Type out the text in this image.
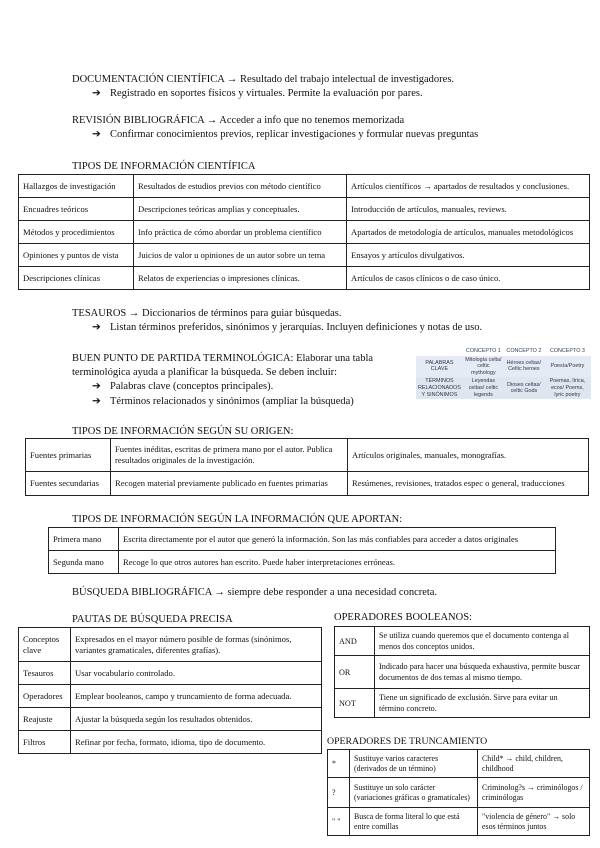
DOCUMENTACIÓN CIENTÍFICA → Resultado del trabajo intelectual de investigadores.
➔ Registrado en soportes físicos y virtuales. Permite la evaluación por pares.
REVISIÓN BIBLIOGRÁFICA → Acceder a info que no tenemos memorizada
➔ Confirmar conocimientos previos, replicar investigaciones y formular nuevas preguntas
TIPOS DE INFORMACIÓN CIENTÍFICA
Hallazgos de investigación	Resultados de estudios previos con método científico	Artículos científicos → apartados de resultados y conclusiones.
Encuadres teóricos	Descripciones teóricas amplias y conceptuales.	Introducción de artículos, manuales, reviews.
Métodos y procedimientos	Info práctica de cómo abordar un problema científico	Apartados de metodología de artículos, manuales metodológicos
Opiniones y puntos de vista	Juicios de valor u opiniones de un autor sobre un tema	Ensayos y artículos divulgativos.
Descripciones clínicas	Relatos de experiencias o impresiones clínicas.	Artículos de casos clínicos o de caso único.
TESAUROS → Diccionarios de términos para guiar búsquedas.
➔ Listan términos preferidos, sinónimos y jerarquías. Incluyen definiciones y notas de uso.
BUEN PUNTO DE PARTIDA TERMINOLÓGICA: Elaborar una tabla
terminológica ayuda a planificar la búsqueda. Se deben incluir:
➔ Palabras clave (conceptos principales).
➔ Términos relacionados y sinónimos (ampliar la búsqueda)
	CONCEPTO 1	CONCEPTO 2	CONCEPTO 3
PALABRAS CLAVE	Mitología celta/ celtic mythology	Héroes celtas/ Celtic heroes	Poesía/Poetry
TÉRMINOS RELACIONADOS Y SINÓNIMOS	Leyendas celtas/ celtic legends	Dioses celtas/ celtic Gods	Poemas, lírica, ecos/ Poems, lyric poetry
TIPOS DE INFORMACIÓN SEGÚN SU ORIGEN:
Fuentes primarias	Fuentes inéditas, escritas de primera mano por el autor. Publica resultados originales de la investigación.	Artículos originales, manuales, monografías.
Fuentes secundarias	Recogen material previamente publicado en fuentes primarias	Resúmenes, revisiones, tratados espec o general, traducciones
TIPOS DE INFORMACIÓN SEGÚN LA INFORMACIÓN QUE APORTAN:
Primera mano	Escrita directamente por el autor que generó la información. Son las más confiables para acceder a datos originales
Segunda mano	Recoge lo que otros autores han escrito. Puede haber interpretaciones erróneas.
BÚSQUEDA BIBLIOGRÁFICA → siempre debe responder a una necesidad concreta.
PAUTAS DE BÚSQUEDA PRECISA
Conceptos clave	Expresados en el mayor número posible de formas (sinónimos, variantes gramaticales, diferentes grafías).
Tesauros	Usar vocabulario controlado.
Operadores	Emplear booleanos, campo y truncamiento de forma adecuada.
Reajuste	Ajustar la búsqueda según los resultados obtenidos.
Filtros	Refinar por fecha, formato, idioma, tipo de documento.
OPERADORES BOOLEANOS:
AND	Se utiliza cuando queremos que el documento contenga al menos dos conceptos unidos.
OR	Indicado para hacer una búsqueda exhaustiva, permite buscar documentos de dos temas al mismo tiempo.
NOT	Tiene un significado de exclusión. Sirve para evitar un término concreto.
OPERADORES DE TRUNCAMIENTO
*	Sustituye varios caracteres (derivados de un término)	Child* → child, children, childhood
?	Sustituye un solo carácter (variaciones gráficas o gramaticales)	Criminolog?s → criminólogos / criminólogas
" "	Busca de forma literal lo que está entre comillas	"violencia de género" → solo esos términos juntos
